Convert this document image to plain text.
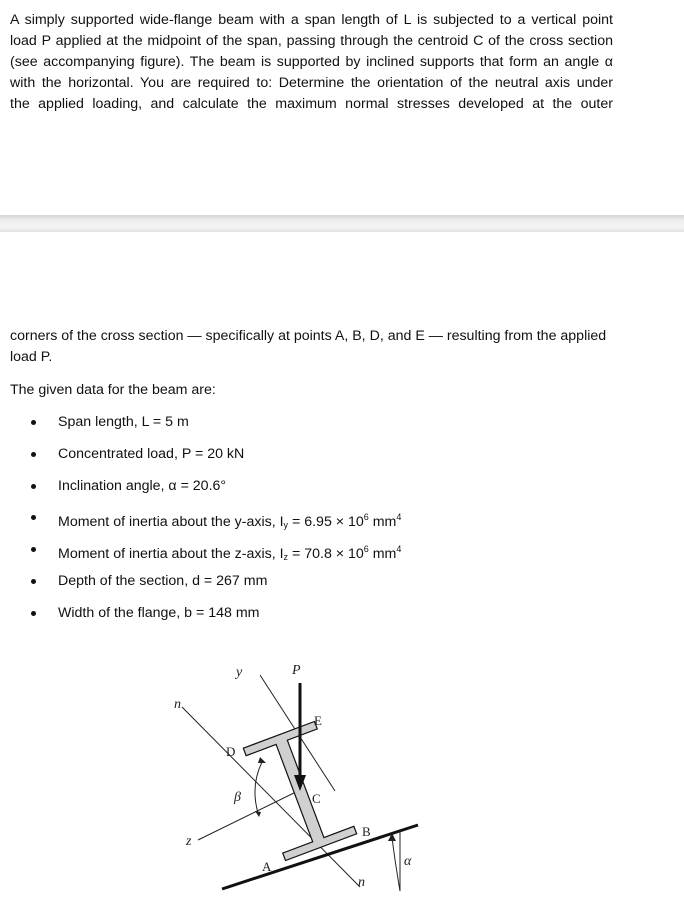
A simply supported wide-flange beam with a span length of L is subjected to a vertical point

load P applied at the midpoint of the span, passing through the centroid C of the cross section

(see accompanying figure). The beam is supported by inclined supports that form an angle α

with the horizontal. You are required to: Determine the orientation of the neutral axis under

the applied loading, and calculate the maximum normal stresses developed at the outer

corners of the cross section — specifically at points A, B, D, and E — resulting from the applied load P.

The given data for the beam are:

Span length, L = 5 m
Concentrated load, P = 20 kN
Inclination angle, α = 20.6°
Moment of inertia about the y-axis, $I_y = 6.95 \times 10^6$ $mm^4$
Moment of inertia about the z-axis, $I_z = 70.8 \times 10^6$ $mm^4$
Depth of the section, d = 267 mm
Width of the flange, b = 148 mm
y	P
n
E
D
β	C
z
B
A
n
α
